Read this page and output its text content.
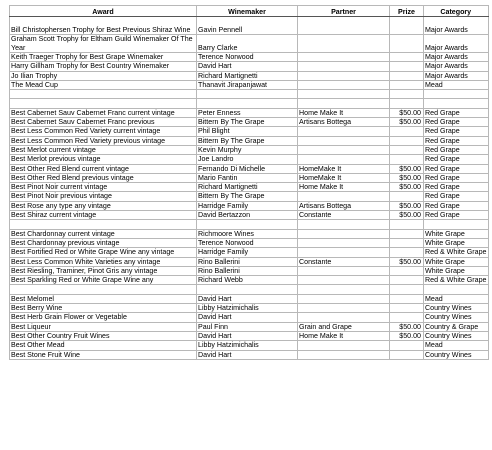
Award	Winemaker	Partner	Prize	Category
Bill Christophersen Trophy for Best Previous Shiraz Wine	Gavin Pennell			Major Awards
Graham Scott Trophy for Eltham Guild Winemaker Of The Year	Barry Clarke			Major Awards
Keith Traeger Trophy for Best Grape Winemaker	Terence Norwood			Major Awards
Harry Gillham Trophy for Best Country Winemaker	David Hart			Major Awards
Jo Ilian Trophy	Richard Martignetti			Major Awards
The Mead Cup	Thanavit Jirapanjawat			Mead

Best Cabernet Sauv Cabernet Franc current vintage	Peter Enness	Home Make It	$50.00	Red Grape
Best Cabernet Sauv Cabernet Franc previous	Bittern By The Grape	Artisans Bottega	$50.00	Red Grape
Best Less Common Red Variety current vintage	Phil Blight			Red Grape
Best Less Common Red Variety previous vintage	Bittern By The Grape			Red Grape
Best Merlot current vintage	Kevin Murphy			Red Grape
Best Merlot previous vintage	Joe Landro			Red Grape
Best Other Red Blend current vintage	Fernando Di Michelle	HomeMake It	$50.00	Red Grape
Best Other Red Blend previous vintage	Mario Fantin	HomeMake It	$50.00	Red Grape
Best Pinot Noir current vintage	Richard Martignetti	Home Make It	$50.00	Red Grape
Best Pinot Noir previous vintage	Bittern By The Grape			Red Grape
Best Rose any type any vintage	Harridge Family	Artisans Bottega	$50.00	Red Grape
Best Shiraz current vintage	David Bertazzon	Constante	$50.00	Red Grape

Best Chardonnay current vintage	Richmoore Wines			White Grape
Best Chardonnay previous vintage	Terence Norwood			White Grape
Best Fortified Red or White Grape Wine any vintage	Harridge Family			Red & White Grape
Best Less Common White Varieties any vintage	Rino Ballerini	Constante	$50.00	White Grape
Best Riesling, Traminer, Pinot Gris any vintage	Rino Ballerini			White Grape
Best Sparkling Red or White Grape Wine any	Richard Webb			Red & White Grape

Best Melomel	David Hart			Mead
Best Berry Wine	Libby Hatzimichalis			Country Wines
Best Herb Grain Flower or Vegetable	David Hart			Country Wines
Best Liqueur	Paul Finn	Grain and Grape	$50.00	Country & Grape
Best Other Country Fruit Wines	David Hart	Home Make It	$50.00	Country Wines
Best Other Mead	Libby Hatzimichalis			Mead
Best Stone Fruit Wine	David Hart			Country Wines
